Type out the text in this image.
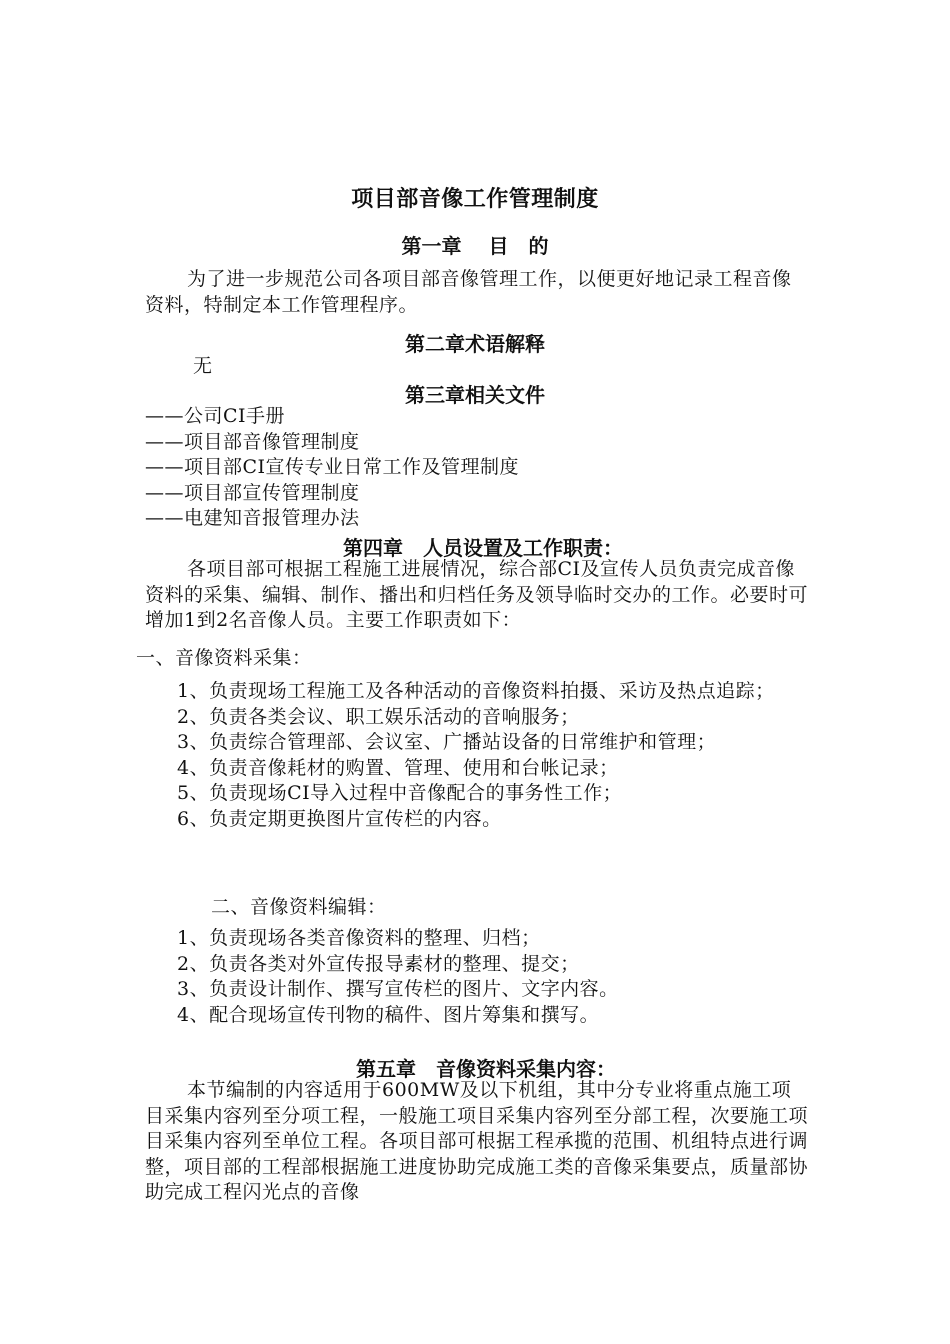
项目部音像工作管理制度
第一章　 目　的

为了进一步规范公司各项目部音像管理工作，以便更好地记录工程音像资料，特制定本工作管理程序。

第二章术语解释
无
第三章相关文件
——公司CI手册
——项目部音像管理制度
——项目部CI宣传专业日常工作及管理制度
——项目部宣传管理制度
——电建知音报管理办法
第四章　人员设置及工作职责：

各项目部可根据工程施工进展情况，综合部CI及宣传人员负责完成音像资料的采集、编辑、制作、播出和归档任务及领导临时交办的工作。必要时可增加1到2名音像人员。主要工作职责如下：

一、音像资料采集：
1、负责现场工程施工及各种活动的音像资料拍摄、采访及热点追踪；
2、负责各类会议、职工娱乐活动的音响服务；
3、负责综合管理部、会议室、广播站设备的日常维护和管理；
4、负责音像耗材的购置、管理、使用和台帐记录；
5、负责现场CI导入过程中音像配合的事务性工作；
6、负责定期更换图片宣传栏的内容。
二、音像资料编辑：
1、负责现场各类音像资料的整理、归档；
2、负责各类对外宣传报导素材的整理、提交；
3、负责设计制作、撰写宣传栏的图片、文字内容。
4、配合现场宣传刊物的稿件、图片筹集和撰写。
第五章　音像资料采集内容：

本节编制的内容适用于600MW及以下机组，其中分专业将重点施工项目采集内容列至分项工程，一般施工项目采集内容列至分部工程，次要施工项目采集内容列至单位工程。各项目部可根据工程承揽的范围、机组特点进行调整，项目部的工程部根据施工进度协助完成施工类的音像采集要点，质量部协助完成工程闪光点的音像
